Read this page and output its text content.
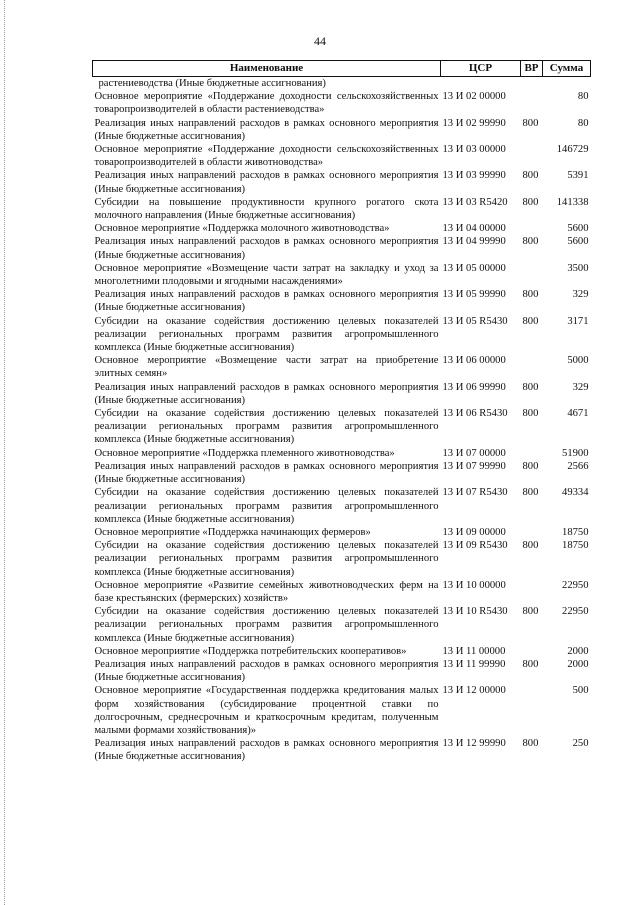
44
Наименование	ЦСР	ВР	Сумма
растениеводства (Иные бюджетные ассигнования)			
Основное мероприятие «Поддержание доходности сельскохозяйственных товаропроизводителей в области растениеводства»	13 И 02 00000		80
Реализация иных направлений расходов в рамках основного мероприятия (Иные бюджетные ассигнования)	13 И 02 99990	800	80
Основное мероприятие «Поддержание доходности сельскохозяйственных товаропроизводителей в области животноводства»	13 И 03 00000		146729
Реализация иных направлений расходов в рамках основного мероприятия (Иные бюджетные ассигнования)	13 И 03 99990	800	5391
Субсидии на повышение продуктивности крупного рогатого скота молочного направления (Иные бюджетные ассигнования)	13 И 03 R5420	800	141338
Основное мероприятие «Поддержка молочного животноводства»	13 И 04 00000		5600
Реализация иных направлений расходов в рамках основного мероприятия (Иные бюджетные ассигнования)	13 И 04 99990	800	5600
Основное мероприятие «Возмещение части затрат на закладку и уход за многолетними плодовыми и ягодными насаждениями»	13 И 05 00000		3500
Реализация иных направлений расходов в рамках основного мероприятия (Иные бюджетные ассигнования)	13 И 05 99990	800	329
Субсидии на оказание содействия достижению целевых показателей реализации региональных программ развития агропромышленного комплекса (Иные бюджетные ассигнования)	13 И 05 R5430	800	3171
Основное мероприятие «Возмещение части затрат на приобретение элитных семян»	13 И 06 00000		5000
Реализация иных направлений расходов в рамках основного мероприятия (Иные бюджетные ассигнования)	13 И 06 99990	800	329
Субсидии на оказание содействия достижению целевых показателей реализации региональных программ развития агропромышленного комплекса (Иные бюджетные ассигнования)	13 И 06 R5430	800	4671
Основное мероприятие «Поддержка племенного животноводства»	13 И 07 00000		51900
Реализация иных направлений расходов в рамках основного мероприятия (Иные бюджетные ассигнования)	13 И 07 99990	800	2566
Субсидии на оказание содействия достижению целевых показателей реализации региональных программ развития агропромышленного комплекса (Иные бюджетные ассигнования)	13 И 07 R5430	800	49334
Основное мероприятие «Поддержка начинающих фермеров»	13 И 09 00000		18750
Субсидии на оказание содействия достижению целевых показателей реализации региональных программ развития агропромышленного комплекса (Иные бюджетные ассигнования)	13 И 09 R5430	800	18750
Основное мероприятие «Развитие семейных животноводческих ферм на базе крестьянских (фермерских) хозяйств»	13 И 10 00000		22950
Субсидии на оказание содействия достижению целевых показателей реализации региональных программ развития агропромышленного комплекса (Иные бюджетные ассигнования)	13 И 10 R5430	800	22950
Основное мероприятие «Поддержка потребительских кооперативов»	13 И 11 00000		2000
Реализация иных направлений расходов в рамках основного мероприятия (Иные бюджетные ассигнования)	13 И 11 99990	800	2000
Основное мероприятие «Государственная поддержка кредитования малых форм хозяйствования (субсидирование процентной ставки по долгосрочным, среднесрочным и краткосрочным кредитам, полученным малыми формами хозяйствования)»	13 И 12 00000		500
Реализация иных направлений расходов в рамках основного мероприятия (Иные бюджетные ассигнования)	13 И 12 99990	800	250
